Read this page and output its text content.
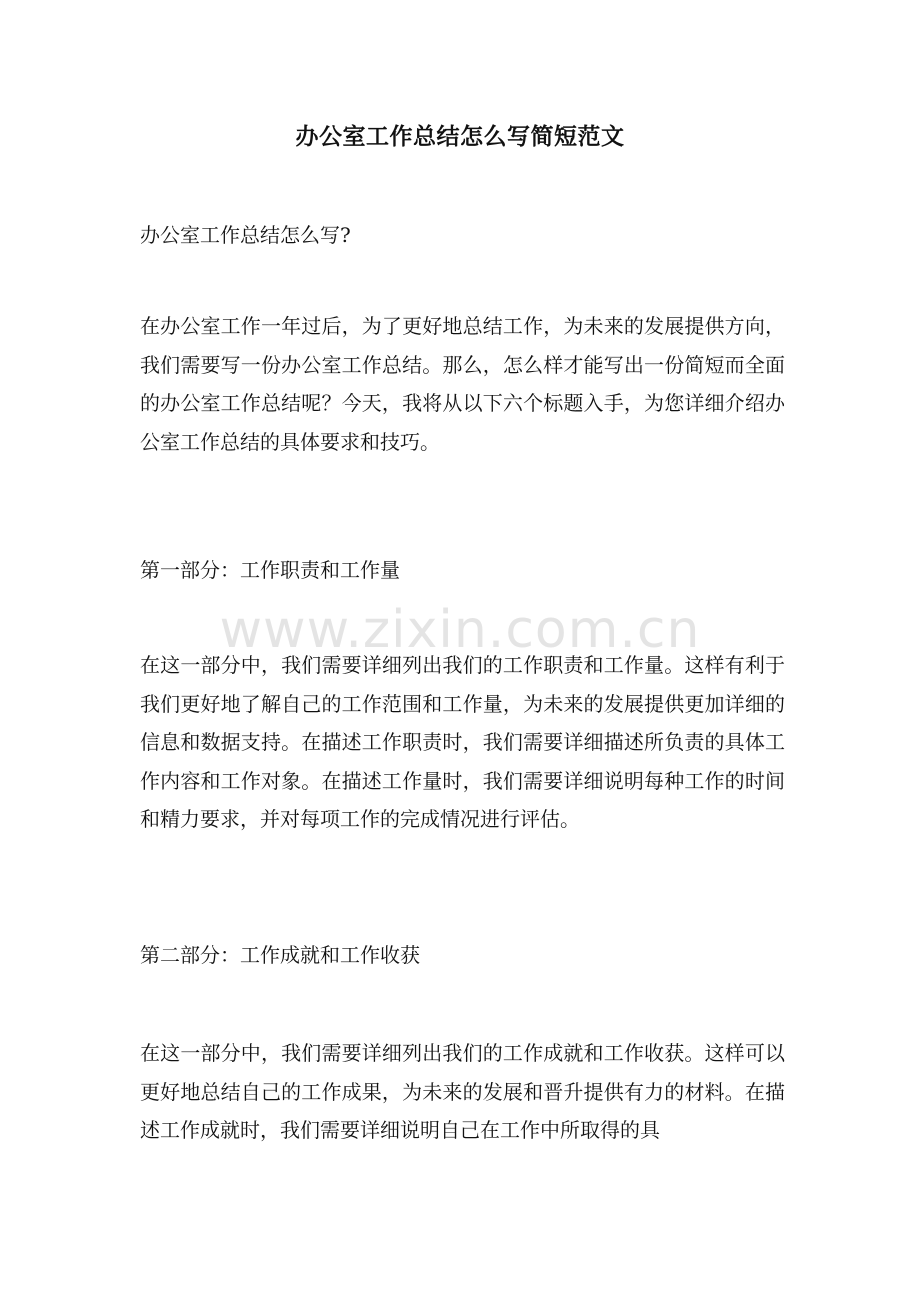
办公室工作总结怎么写简短范文
办公室工作总结怎么写?
在办公室工作一年过后，为了更好地总结工作，为未来的发展提供方向，我们需要写一份办公室工作总结。那么，怎么样才能写出一份简短而全面的办公室工作总结呢？今天，我将从以下六个标题入手，为您详细介绍办公室工作总结的具体要求和技巧。
第一部分：工作职责和工作量
在这一部分中，我们需要详细列出我们的工作职责和工作量。这样有利于我们更好地了解自己的工作范围和工作量，为未来的发展提供更加详细的信息和数据支持。在描述工作职责时，我们需要详细描述所负责的具体工作内容和工作对象。在描述工作量时，我们需要详细说明每种工作的时间和精力要求，并对每项工作的完成情况进行评估。
第二部分：工作成就和工作收获
在这一部分中，我们需要详细列出我们的工作成就和工作收获。这样可以更好地总结自己的工作成果，为未来的发展和晋升提供有力的材料。在描述工作成就时，我们需要详细说明自己在工作中所取得的具
www.zixin.com.cn
